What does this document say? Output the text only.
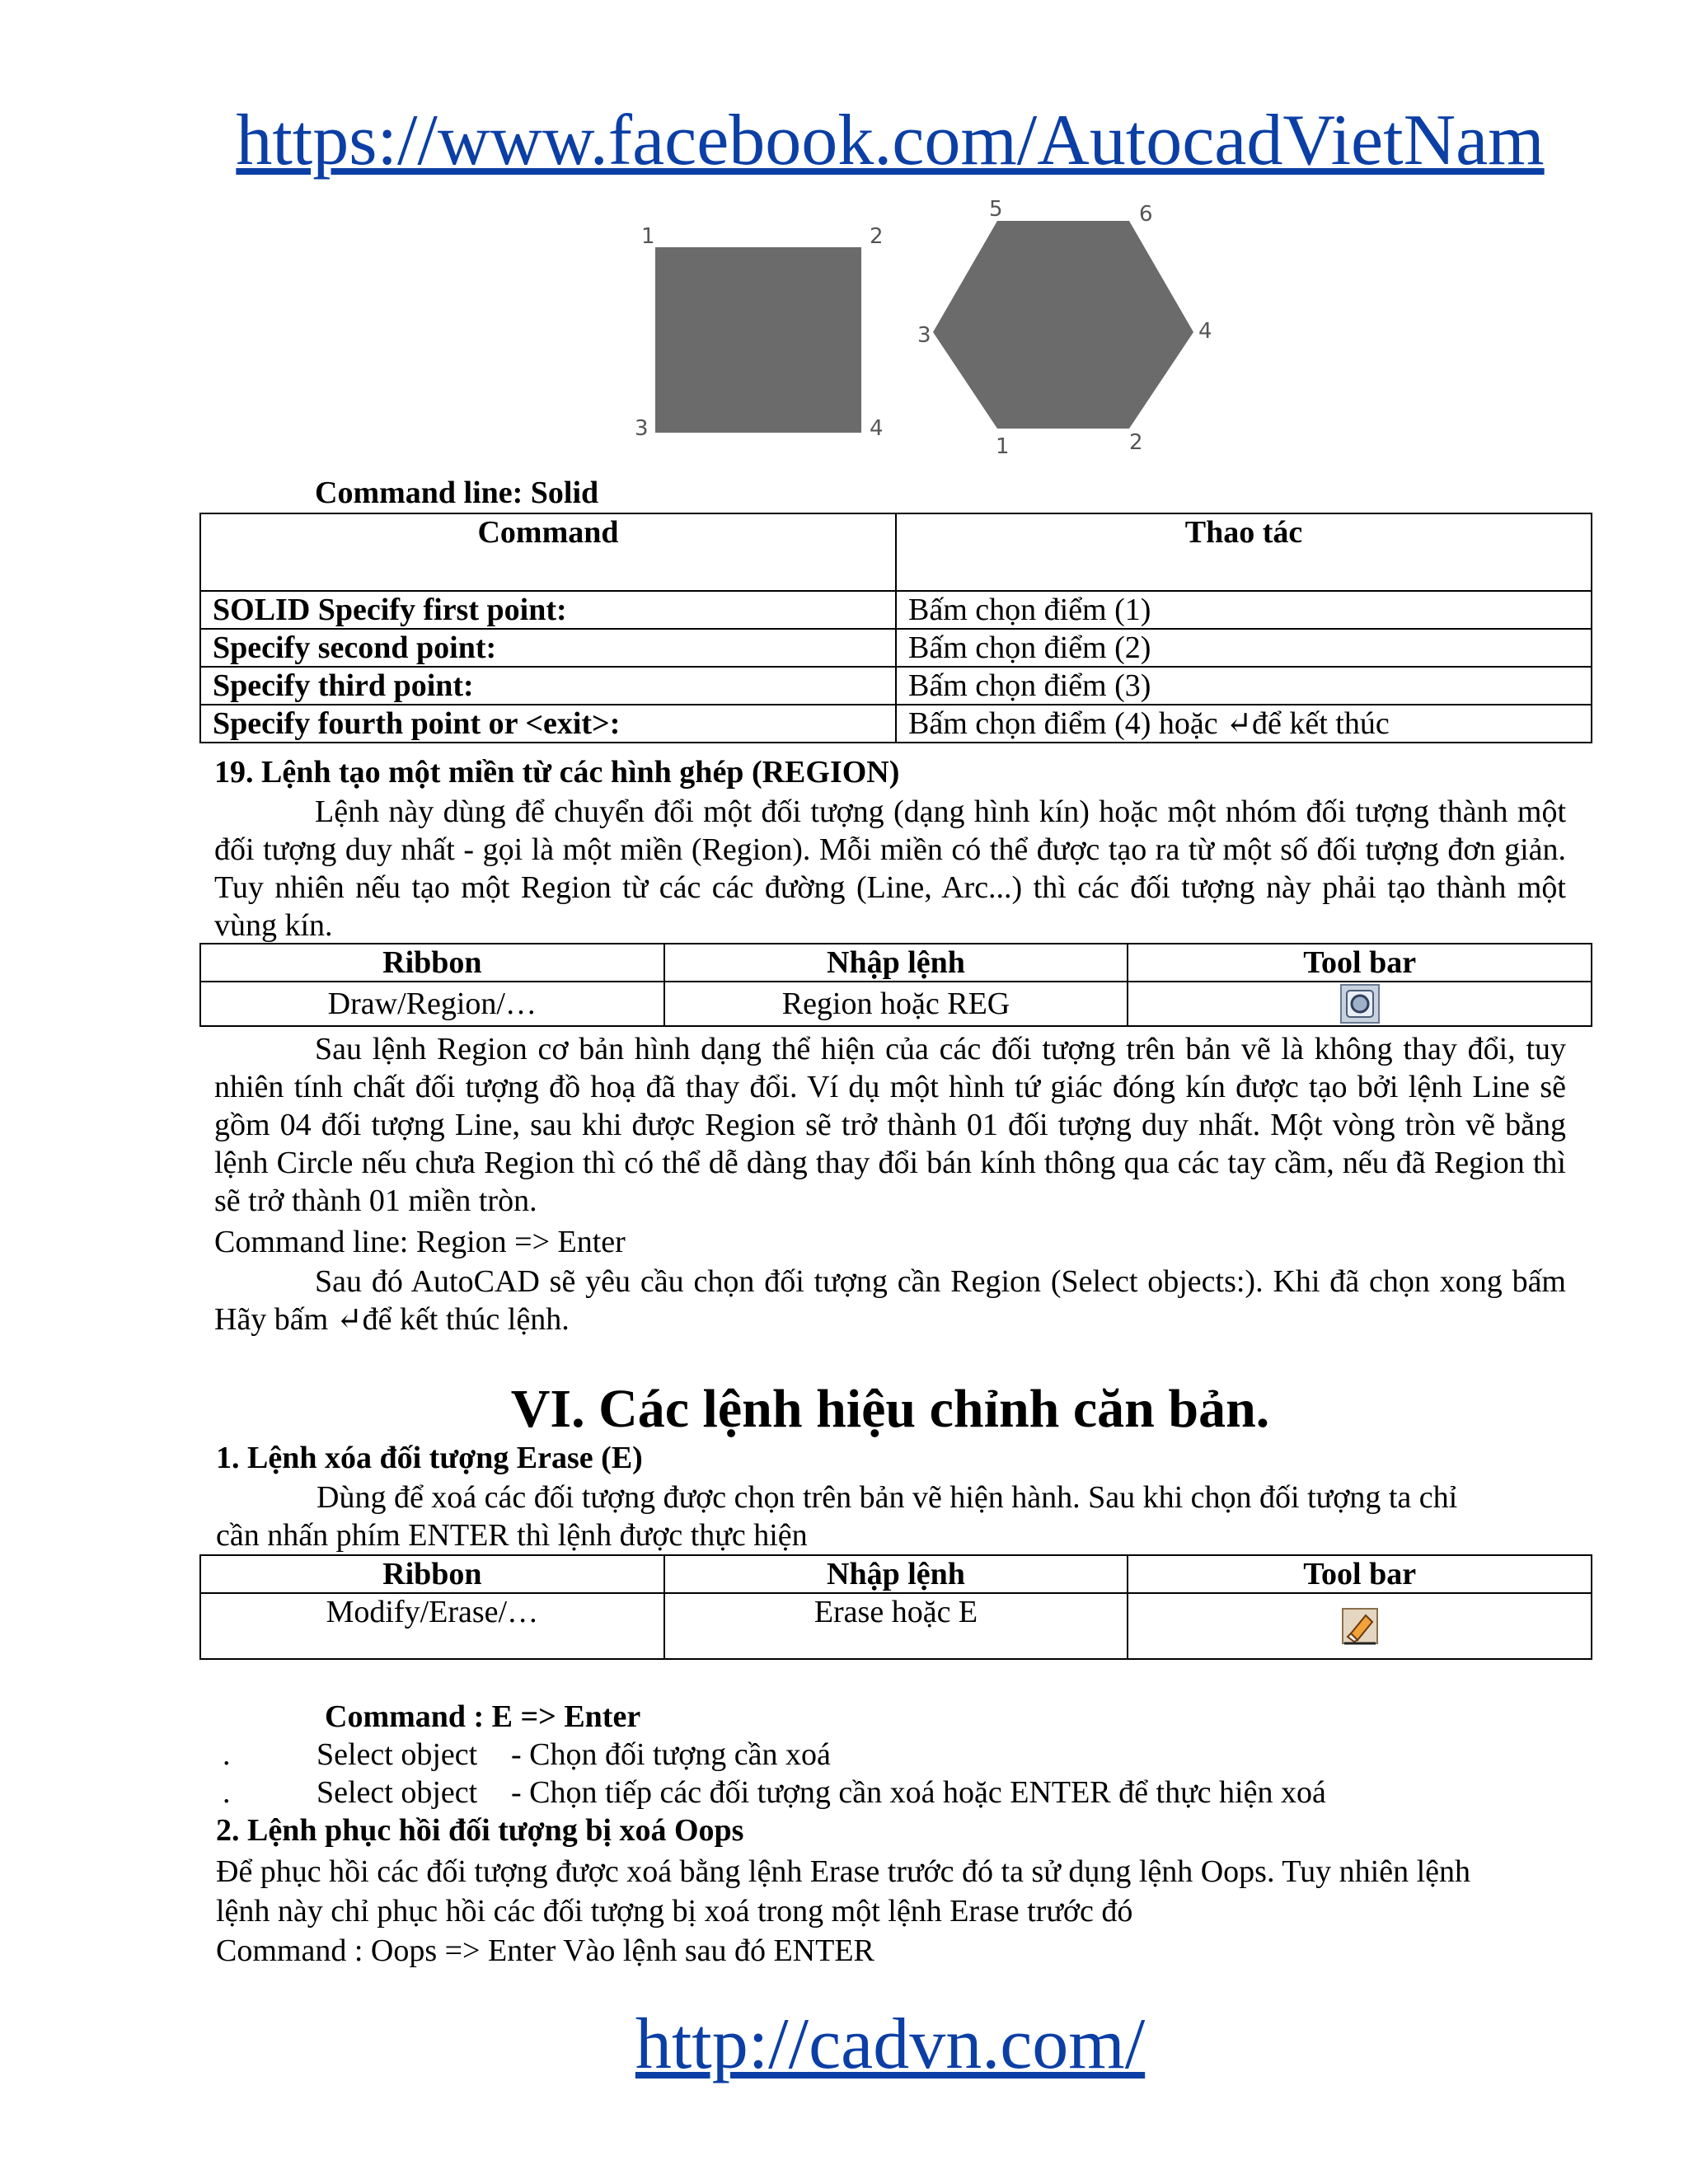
https://www.facebook.com/AutocadVietNam
1	2
3	4
5	6
3	4
1	2
Command line: Solid
Command	Thao tác
SOLID Specify first point:	Bấm chọn điểm (1)
Specify second point:	Bấm chọn điểm (2)
Specify third point:	Bấm chọn điểm (3)
Specify fourth point or <exit>:	Bấm chọn điểm (4) hoặc ↵để kết thúc
19. Lệnh tạo một miền từ các hình ghép (REGION)
Lệnh này dùng để chuyển đổi một đối tượng (dạng hình kín) hoặc một nhóm đối tượng thành một đối tượng duy nhất - gọi là một miền (Region). Mỗi miền có thể được tạo ra từ một số đối tượng đơn giản. Tuy nhiên nếu tạo một Region từ các các đường (Line, Arc...) thì các đối tượng này phải tạo thành một vùng kín.
Ribbon	Nhập lệnh	Tool bar
Draw/Region/…	Region hoặc REG	
Sau lệnh Region cơ bản hình dạng thể hiện của các đối tượng trên bản vẽ là không thay đổi, tuy nhiên tính chất đối tượng đồ hoạ đã thay đổi. Ví dụ một hình tứ giác đóng kín được tạo bởi lệnh Line sẽ gồm 04 đối tượng Line, sau khi được Region sẽ trở thành 01 đối tượng duy nhất. Một vòng tròn vẽ bằng lệnh Circle nếu chưa Region thì có thể dễ dàng thay đổi bán kính thông qua các tay cầm, nếu đã Region thì sẽ trở thành 01 miền tròn.
Command line: Region => Enter
Sau đó AutoCAD sẽ yêu cầu chọn đối tượng cần Region (Select objects:). Khi đã chọn xong bấm Hãy bấm ↵để kết thúc lệnh.
VI. Các lệnh hiệu chỉnh căn bản.
1. Lệnh xóa đối tượng Erase (E)
Dùng để xoá các đối tượng được chọn trên bản vẽ hiện hành. Sau khi chọn đối tượng ta chỉ cần nhấn phím ENTER thì lệnh được thực hiện
Ribbon	Nhập lệnh	Tool bar
Modify/Erase/…	Erase hoặc E	
Command : E => Enter
.	Select object - Chọn đối tượng cần xoá
.	Select object - Chọn tiếp các đối tượng cần xoá hoặc ENTER để thực hiện xoá
2. Lệnh phục hồi đối tượng bị xoá Oops
Để phục hồi các đối tượng được xoá bằng lệnh Erase trước đó ta sử dụng lệnh Oops. Tuy nhiên lệnh
lệnh này chỉ phục hồi các đối tượng bị xoá trong một lệnh Erase trước đó
Command : Oops => Enter Vào lệnh sau đó ENTER
http://cadvn.com/
